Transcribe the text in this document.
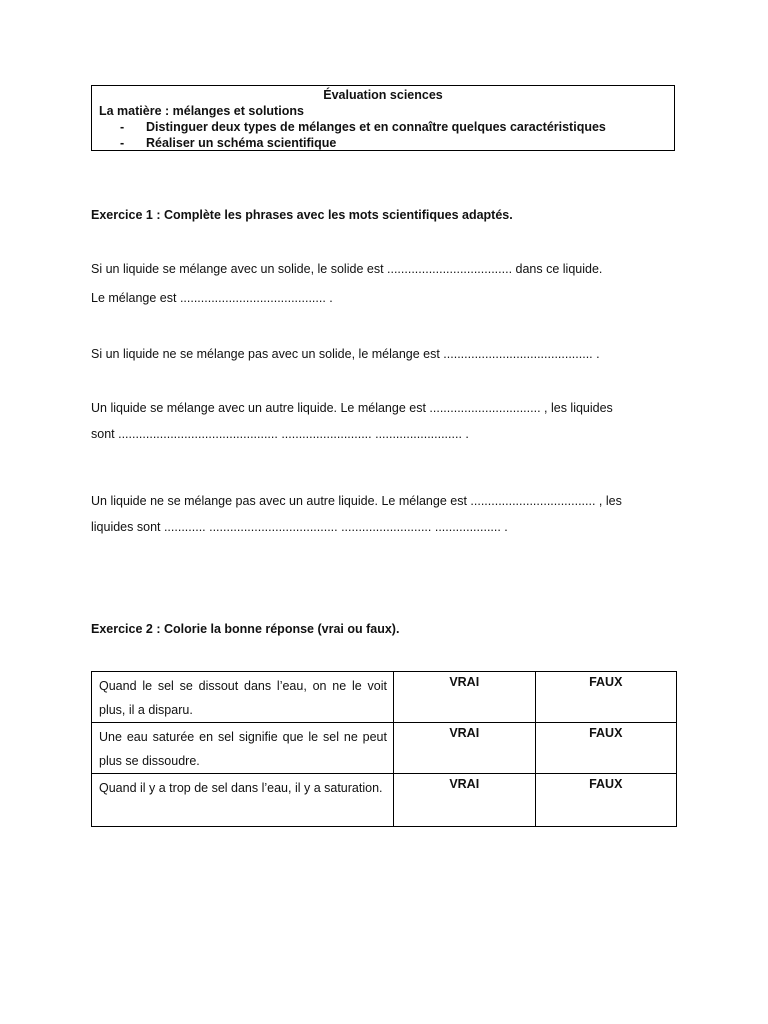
Évaluation sciences
La matière : mélanges et solutions
- Distinguer deux types de mélanges et en connaître quelques caractéristiques
- Réaliser un schéma scientifique
Exercice 1 : Complète les phrases avec les mots scientifiques adaptés.
Si un liquide se mélange avec un solide, le solide est .................................... dans ce liquide.
Le mélange est .......................................... .
Si un liquide ne se mélange pas avec un solide, le mélange est ........................................... .
Un liquide se mélange avec un autre liquide. Le mélange est ................................ , les liquides
sont .............................................. .......................... ......................... .
Un liquide ne se mélange pas avec un autre liquide. Le mélange est .................................... , les
liquides sont ............ ..................................... .......................... ................... .
Exercice 2 : Colorie la bonne réponse (vrai ou faux).
Quand le sel se dissout dans l’eau, on ne le voit plus, il a disparu.	VRAI	FAUX
Une eau saturée en sel signifie que le sel ne peut plus se dissoudre.	VRAI	FAUX
Quand il y a trop de sel dans l’eau, il y a saturation.	VRAI	FAUX
